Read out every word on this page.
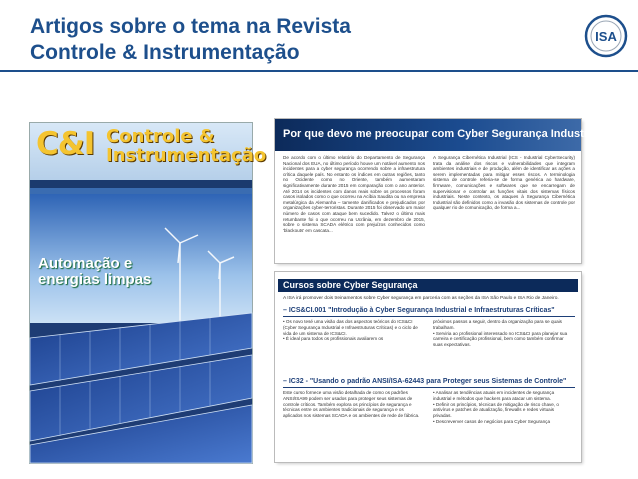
Artigos sobre o tema na Revista
Controle & Instrumentação
ISA
C&I Controle &
Instrumentação
Automação e
energias limpas
Por que devo me preocupar com Cyber Segurança Industrial (ICS)?

De acordo com o último relatório do Departamento de Segurança Nacional dos EUA, no último período houve um notável aumento nos incidentes para a cyber segurança ocorrendo sobre a infraestrutura crítica daquele país. No entanto os índices em outras regiões, tanto no Ocidente como no Oriente, também aumentaram significativamente durante 2015 em comparação com o ano anterior. Até 2014 os incidentes com danos reais sobre os processos foram casos isolados como o que ocorreu na Acíbia Saudita ou na empresa metalúrgica da Alemanha – tamente danificados e prejudicados por organizações cyber-terroristas. Durante 2015 foi observado um maior número de casos com ataque bem sucedido. Talvez o último mais retumbante foi o que ocorreu na Ucrânia, em dezembro de 2015, sobre o sistema SCADA elétrico com prejuízos conhecidos como 'blackouts' em cascata...

A Segurança Cibernética Industrial (ICS - Industrial CyberSecurity) trata da análise dos riscos e vulnerabilidades que integram ambientes industriais e de produção, além de identificar as ações a serem implementadas para mitigar esses riscos. A terminologia sistema de controle referia-se de forma genérica ao hardware, firmware, comunicações e softwares que se encarregam de supervisionar e controlar as funções vitais dos sistemas físicos industriais. Neste contexto, os ataques à Segurança Cibernética Industrial são definidos como a invasão dos sistemas de controle por qualquer rio de comunicação, de forma a...

Cursos sobre Cyber Segurança
A ISA irá promover dois treinamentos sobre Cyber segurança em parceria com as seções da ISA São Paulo e ISA Rio de Janeiro.
– ICS&CI.001 "Introdução à Cyber Segurança Industrial e Infraestruturas Críticas"
• Os novo tesé uma visão das dos aspectos teóricos do ICS&CI (Cyber Segurança Industrial e Infraestruturas Críticas) e o ciclo de vida de um sistema de ICS&CI.
• É ideal para todos os profissionais avaliarem os
próximos passos a seguir, dentro da organização para se quais trabalham.
• Serviria ao profissional interessado no ICS&CI para planejar sua carreira e certificação profissional, bem como também confirmar suas expectativas.
– IC32 - "Usando o padrão ANSI/ISA-62443 para Proteger seus Sistemas de Controle"
Este curso fornece uma visão detalhada de como os padrões ANSI/ISA99 podem ser usados para proteger seus sistemas de controle críticos. Também explora os princípios de segurança e técnicas entre os ambientes tradicionais de segurança e os aplicados nos sistemas SCADA e os ambientes de rede de fábrica.
• Analisar as tendências atuais em incidentes de segurança industrial e métodos que hackers para atacar um sistema.
• Definir os princípios, técnicas de mitigação de risco chave, o antivírus e patches de atualização, firewalls e redes virtuais privadas.
• Descreverver casos de negócios para Cyber Segurança
